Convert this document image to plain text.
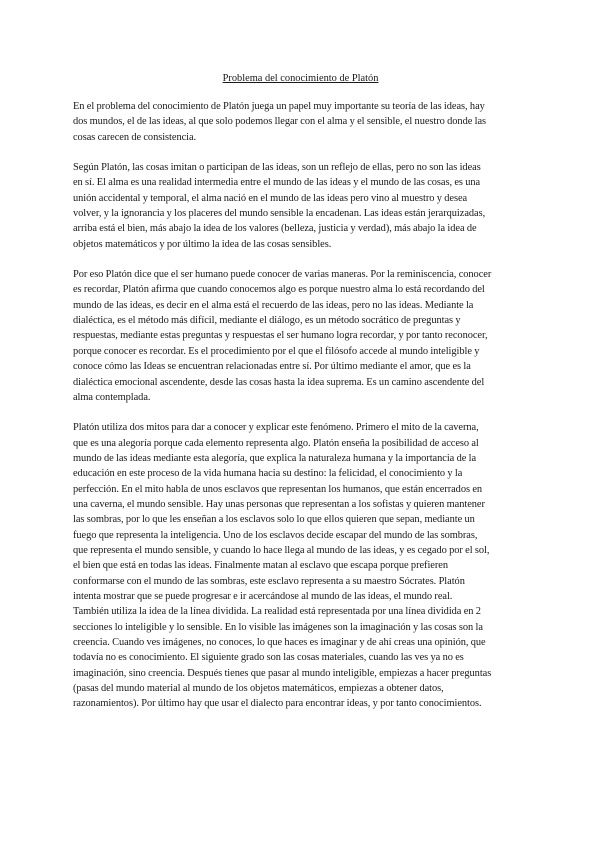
Problema del conocimiento de Platón
En el problema del conocimiento de Platón juega un papel muy importante su teoría de las ideas, hay
dos mundos, el de las ideas, al que solo podemos llegar con el alma y el sensible, el nuestro donde las
cosas carecen de consistencia.
Según Platón, las cosas imitan o participan de las ideas, son un reflejo de ellas, pero no son las ideas
en sí. El alma es una realidad intermedia entre el mundo de las ideas y el mundo de las cosas, es una
unión accidental y temporal, el alma nació en el mundo de las ideas pero vino al muestro y desea
volver, y la ignorancia y los placeres del mundo sensible la encadenan. Las ideas están jerarquizadas,
arriba está el bien, más abajo la idea de los valores (belleza, justicia y verdad), más abajo la idea de
objetos matemáticos y por último la idea de las cosas sensibles.
Por eso Platón dice que el ser humano puede conocer de varias maneras. Por la reminiscencia, conocer
es recordar, Platón afirma que cuando conocemos algo es porque nuestro alma lo está recordando del
mundo de las ideas, es decir en el alma está el recuerdo de las ideas, pero no las ideas. Mediante la
dialéctica, es el método más difícil, mediante el diálogo, es un método socrático de preguntas y
respuestas, mediante estas preguntas y respuestas el ser humano logra recordar, y por tanto reconocer,
porque conocer es recordar. Es el procedimiento por el que el filósofo accede al mundo inteligible y
conoce cómo las Ideas se encuentran relacionadas entre sí. Por último mediante el amor, que es la
dialéctica emocional ascendente, desde las cosas hasta la idea suprema. Es un camino ascendente del
alma contemplada.
Platón utiliza dos mitos para dar a conocer y explicar este fenómeno. Primero el mito de la caverna,
que es una alegoría porque cada elemento representa algo. Platón enseña la posibilidad de acceso al
mundo de las ideas mediante esta alegoría, que explica la naturaleza humana y la importancia de la
educación en este proceso de la vida humana hacia su destino: la felicidad, el conocimiento y la
perfección. En el mito habla de unos esclavos que representan los humanos, que están encerrados en
una caverna, el mundo sensible. Hay unas personas que representan a los sofistas y quieren mantener
las sombras, por lo que les enseñan a los esclavos solo lo que ellos quieren que sepan, mediante un
fuego que representa la inteligencia. Uno de los esclavos decide escapar del mundo de las sombras,
que representa el mundo sensible, y cuando lo hace llega al mundo de las ideas, y es cegado por el sol,
el bien que está en todas las ideas. Finalmente matan al esclavo que escapa porque prefieren
conformarse con el mundo de las sombras, este esclavo representa a su maestro Sócrates. Platón
intenta mostrar que se puede progresar e ir acercándose al mundo de las ideas, el mundo real.
También utiliza la idea de la línea dividida. La realidad está representada por una línea dividida en 2
secciones lo inteligible y lo sensible. En lo visible las imágenes son la imaginación y las cosas son la
creencia. Cuando ves imágenes, no conoces, lo que haces es imaginar y de ahí creas una opinión, que
todavía no es conocimiento. El siguiente grado son las cosas materiales, cuando las ves ya no es
imaginación, sino creencia. Después tienes que pasar al mundo inteligible, empiezas a hacer preguntas
(pasas del mundo material al mundo de los objetos matemáticos, empiezas a obtener datos,
razonamientos). Por último hay que usar el dialecto para encontrar ideas, y por tanto conocimientos.
